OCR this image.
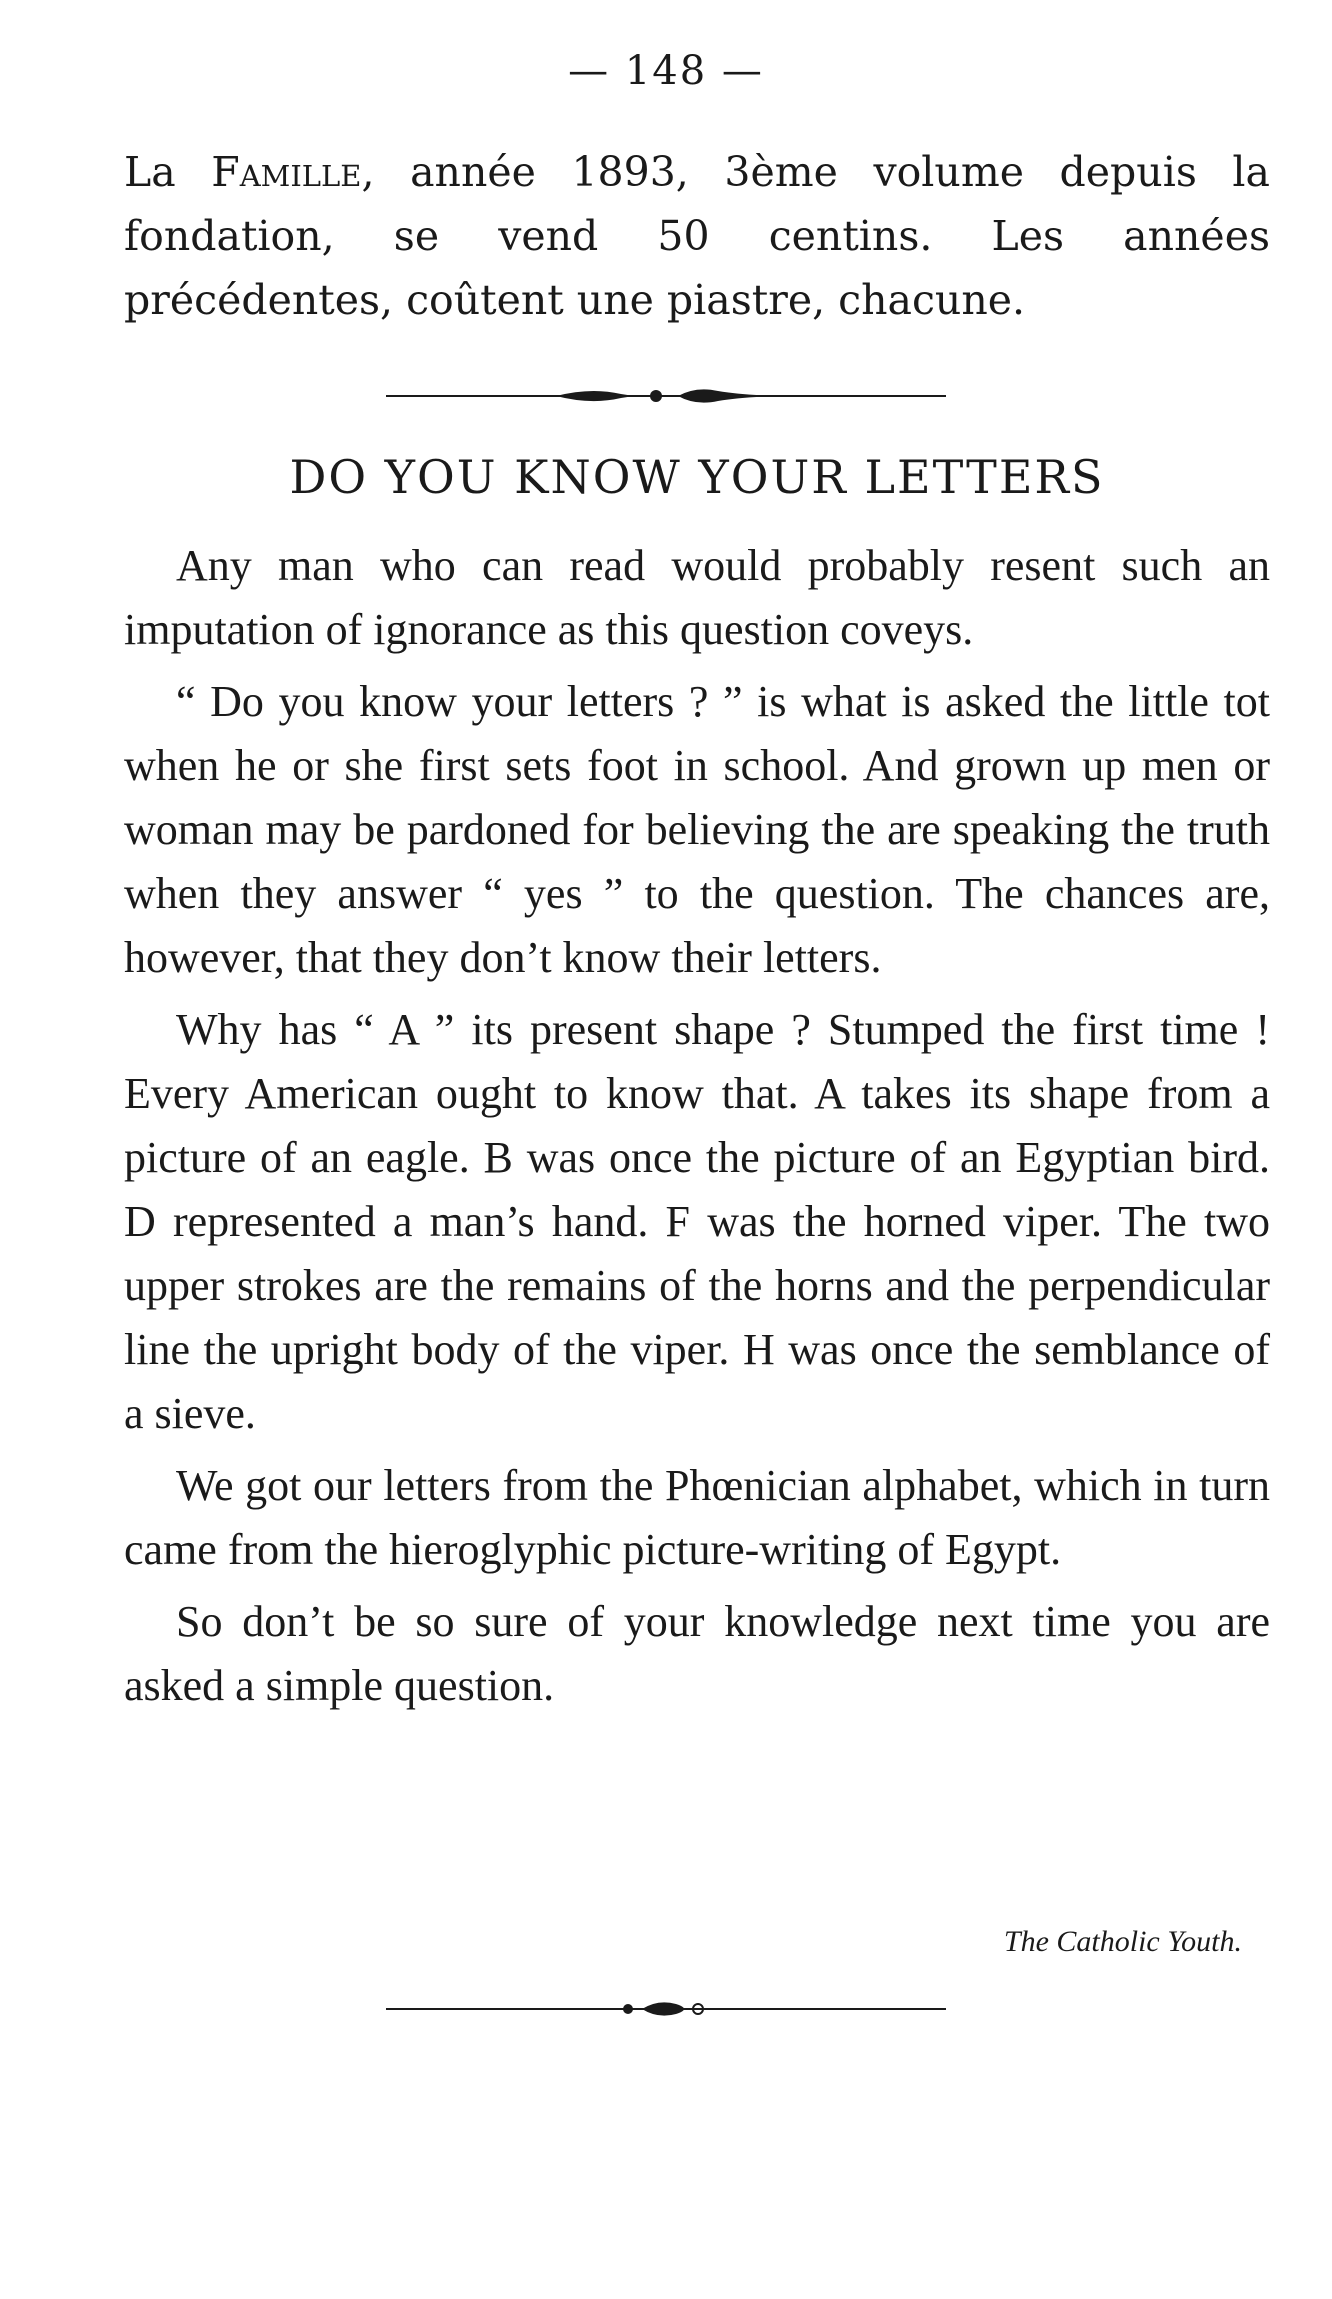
— 148 —
La Famille, année 1893, 3ème volume depuis la fondation, se vend 50 centins. Les années précédentes, coûtent une piastre, chacune.
DO YOU KNOW YOUR LETTERS

Any man who can read would probably resent such an imputation of ignorance as this question coveys.

“ Do you know your letters ? ” is what is asked the little tot when he or she first sets foot in school. And grown up men or woman may be pardoned for believing the are speaking the truth when they answer “ yes ” to the question. The chances are, however, that they don’t know their letters.

Why has “ A ” its present shape ? Stumped the first time ! Every American ought to know that. A takes its shape from a picture of an eagle. B was once the picture of an Egyptian bird. D represented a man’s hand. F was the horned viper. The two upper strokes are the remains of the horns and the perpendicular line the upright body of the viper. H was once the semblance of a sieve.

We got our letters from the Phœnician alphabet, which in turn came from the hieroglyphic picture-writing of Egypt.

So don’t be so sure of your knowledge next time you are asked a simple question.

The Catholic Youth.
